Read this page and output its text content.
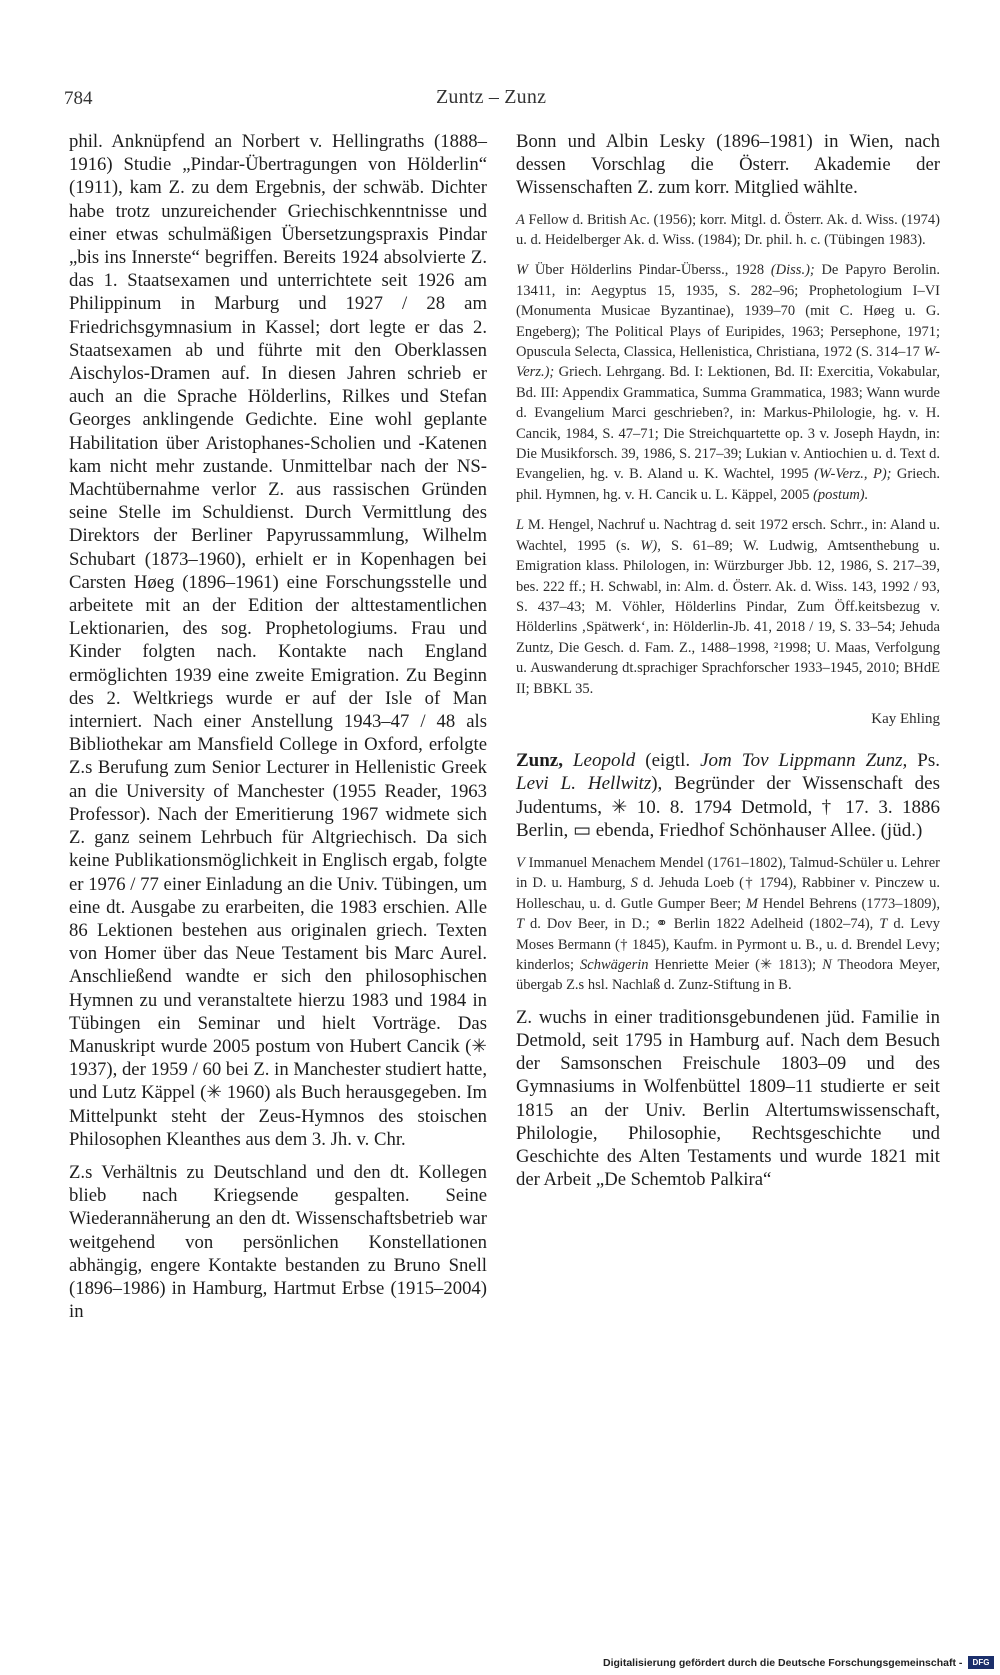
784	Zuntz – Zunz

phil. Anknüpfend an Norbert v. Hellingraths (1888–1916) Studie „Pindar-Übertragungen von Hölderlin“ (1911), kam Z. zu dem Ergebnis, der schwäb. Dichter habe trotz unzureichender Griechischkenntnisse und einer etwas schulmäßigen Übersetzungspraxis Pindar „bis ins Innerste“ begriffen. Bereits 1924 absolvierte Z. das 1. Staatsexamen und unterrichtete seit 1926 am Philippinum in Marburg und 1927 / 28 am Friedrichsgymnasium in Kassel; dort legte er das 2. Staatsexamen ab und führte mit den Oberklassen Aischylos-Dramen auf. In diesen Jahren schrieb er auch an die Sprache Hölderlins, Rilkes und Stefan Georges anklingende Gedichte. Eine wohl geplante Habilitation über Aristophanes-Scholien und -Katenen kam nicht mehr zustande. Unmittelbar nach der NS-Machtübernahme verlor Z. aus rassischen Gründen seine Stelle im Schuldienst. Durch Vermittlung des Direktors der Berliner Papyrussammlung, Wilhelm Schubart (1873–1960), erhielt er in Kopenhagen bei Carsten Høeg (1896–1961) eine Forschungsstelle und arbeitete mit an der Edition der alttestamentlichen Lektionarien, des sog. Prophetologiums. Frau und Kinder folgten nach. Kontakte nach England ermöglichten 1939 eine zweite Emigration. Zu Beginn des 2. Weltkriegs wurde er auf der Isle of Man interniert. Nach einer Anstellung 1943–47 / 48 als Bibliothekar am Mansfield College in Oxford, erfolgte Z.s Berufung zum Senior Lecturer in Hellenistic Greek an die University of Manchester (1955 Reader, 1963 Professor). Nach der Emeritierung 1967 widmete sich Z. ganz seinem Lehrbuch für Altgriechisch. Da sich keine Publikationsmöglichkeit in Englisch ergab, folgte er 1976 / 77 einer Einladung an die Univ. Tübingen, um eine dt. Ausgabe zu erarbeiten, die 1983 erschien. Alle 86 Lektionen bestehen aus originalen griech. Texten von Homer über das Neue Testament bis Marc Aurel. Anschließend wandte er sich den philosophischen Hymnen zu und veranstaltete hierzu 1983 und 1984 in Tübingen ein Seminar und hielt Vorträge. Das Manuskript wurde 2005 postum von Hubert Cancik (✳ 1937), der 1959 / 60 bei Z. in Manchester studiert hatte, und Lutz Käppel (✳ 1960) als Buch herausgegeben. Im Mittelpunkt steht der Zeus-Hymnos des stoischen Philosophen Kleanthes aus dem 3. Jh. v. Chr.

Z.s Verhältnis zu Deutschland und den dt. Kollegen blieb nach Kriegsende gespalten. Seine Wiederannäherung an den dt. Wissenschaftsbetrieb war weitgehend von persönlichen Konstellationen abhängig, engere Kontakte bestanden zu Bruno Snell (1896–1986) in Hamburg, Hartmut Erbse (1915–2004) in

Bonn und Albin Lesky (1896–1981) in Wien, nach dessen Vorschlag die Österr. Akademie der Wissenschaften Z. zum korr. Mitglied wählte.

A Fellow d. British Ac. (1956); korr. Mitgl. d. Österr. Ak. d. Wiss. (1974) u. d. Heidelberger Ak. d. Wiss. (1984); Dr. phil. h. c. (Tübingen 1983).

W Über Hölderlins Pindar-Überss., 1928 (Diss.); De Papyro Berolin. 13411, in: Aegyptus 15, 1935, S. 282–96; Prophetologium I–VI (Monumenta Musicae Byzantinae), 1939–70 (mit C. Høeg u. G. Engeberg); The Political Plays of Euripides, 1963; Persephone, 1971; Opuscula Selecta, Classica, Hellenistica, Christiana, 1972 (S. 314–17 W-Verz.); Griech. Lehrgang. Bd. I: Lektionen, Bd. II: Exercitia, Vokabular, Bd. III: Appendix Grammatica, Summa Grammatica, 1983; Wann wurde d. Evangelium Marci geschrieben?, in: Markus-Philologie, hg. v. H. Cancik, 1984, S. 47–71; Die Streichquartette op. 3 v. Joseph Haydn, in: Die Musikforsch. 39, 1986, S. 217–39; Lukian v. Antiochien u. d. Text d. Evangelien, hg. v. B. Aland u. K. Wachtel, 1995 (W-Verz., P); Griech. phil. Hymnen, hg. v. H. Cancik u. L. Käppel, 2005 (postum).

L M. Hengel, Nachruf u. Nachtrag d. seit 1972 ersch. Schrr., in: Aland u. Wachtel, 1995 (s. W), S. 61–89; W. Ludwig, Amtsenthebung u. Emigration klass. Philologen, in: Würzburger Jbb. 12, 1986, S. 217–39, bes. 222 ff.; H. Schwabl, in: Alm. d. Österr. Ak. d. Wiss. 143, 1992 / 93, S. 437–43; M. Vöhler, Hölderlins Pindar, Zum Öff.keitsbezug v. Hölderlins ‚Spätwerk‘, in: Hölderlin-Jb. 41, 2018 / 19, S. 33–54; Jehuda Zuntz, Die Gesch. d. Fam. Z., 1488–1998, ²1998; U. Maas, Verfolgung u. Auswanderung dt.sprachiger Sprachforscher 1933–1945, 2010; BHdE II; BBKL 35.

Kay Ehling

Zunz, Leopold (eigtl. Jom Tov Lippmann Zunz, Ps. Levi L. Hellwitz), Begründer der Wissenschaft des Judentums, ✳ 10. 8. 1794 Detmold, † 17. 3. 1886 Berlin, ▭ ebenda, Friedhof Schönhauser Allee. (jüd.)

V Immanuel Menachem Mendel (1761–1802), Talmud-Schüler u. Lehrer in D. u. Hamburg, S d. Jehuda Loeb († 1794), Rabbiner v. Pinczew u. Holleschau, u. d. Gutle Gumper Beer; M Hendel Behrens (1773–1809), T d. Dov Beer, in D.; ⚭ Berlin 1822 Adelheid (1802–74), T d. Levy Moses Bermann († 1845), Kaufm. in Pyrmont u. B., u. d. Brendel Levy; kinderlos; Schwägerin Henriette Meier (✳ 1813); N Theodora Meyer, übergab Z.s hsl. Nachlaß d. Zunz-Stiftung in B.

Z. wuchs in einer traditionsgebundenen jüd. Familie in Detmold, seit 1795 in Hamburg auf. Nach dem Besuch der Samsonschen Freischule 1803–09 und des Gymnasiums in Wolfenbüttel 1809–11 studierte er seit 1815 an der Univ. Berlin Altertumswissenschaft, Philologie, Philosophie, Rechtsgeschichte und Geschichte des Alten Testaments und wurde 1821 mit der Arbeit „De Schemtob Palkira“

Digitalisierung gefördert durch die Deutsche Forschungsgemeinschaft -	DFG
